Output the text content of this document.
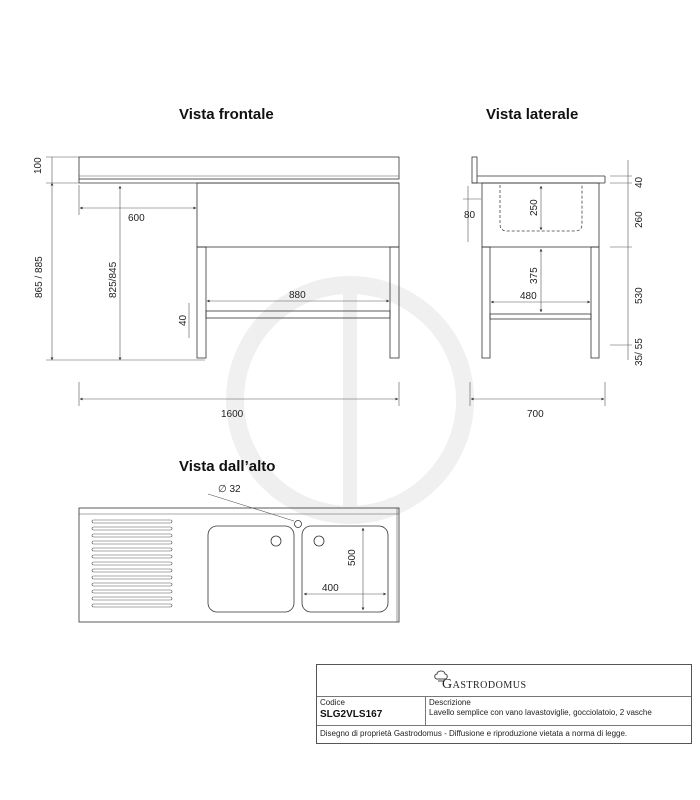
Vista frontale
100
865 / 885	825/845
600
880
40
1600
Vista laterale
40
260
530
35/ 55
80	250
375
480
700
Vista dall’alto
∅ 32
500
400
Gastrodomus
Codice
SLG2VLS167
Descrizione
Lavello semplice con vano lavastoviglie, gocciolatoio, 2 vasche
Disegno di proprietà Gastrodomus - Diffusione e riproduzione vietata a norma di legge.
